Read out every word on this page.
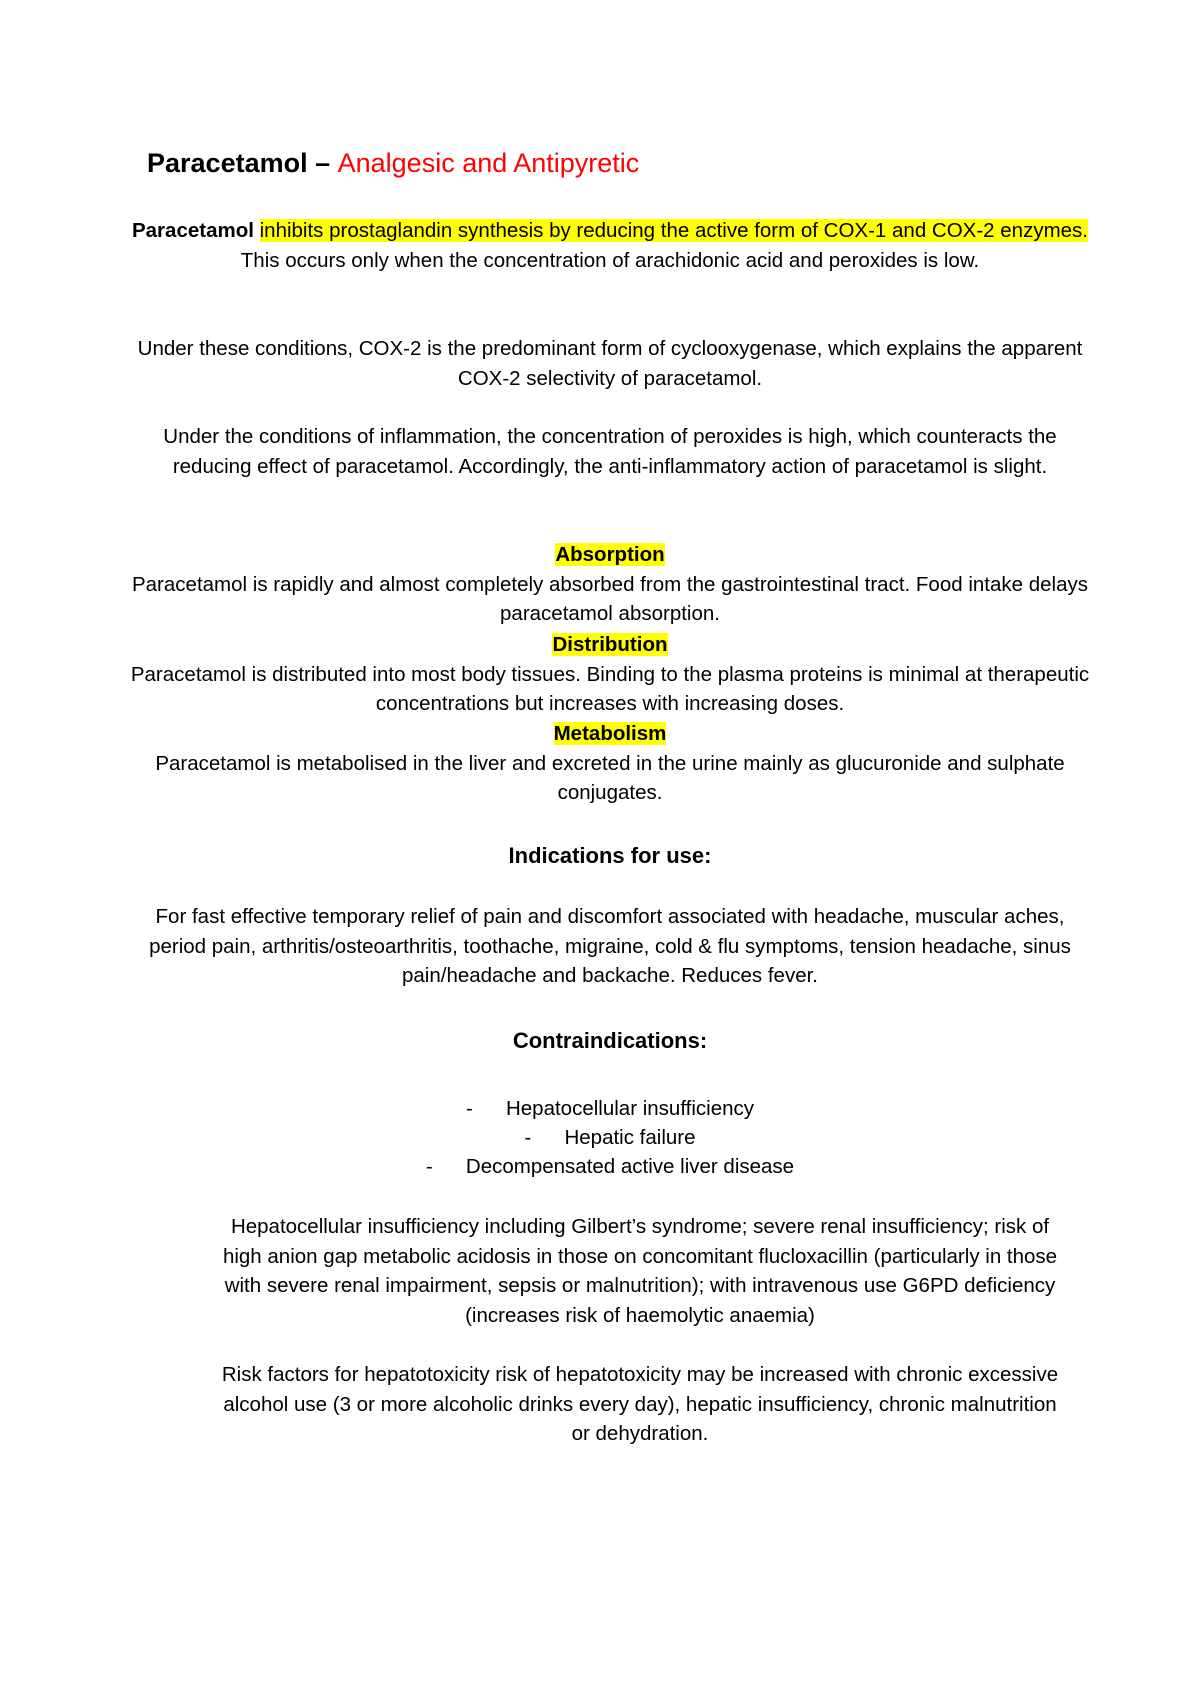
Paracetamol – Analgesic and Antipyretic
Paracetamol inhibits prostaglandin synthesis by reducing the active form of COX-1 and COX-2 enzymes. This occurs only when the concentration of arachidonic acid and peroxides is low.
Under these conditions, COX-2 is the predominant form of cyclooxygenase, which explains the apparent COX-2 selectivity of paracetamol.
Under the conditions of inflammation, the concentration of peroxides is high, which counteracts the reducing effect of paracetamol. Accordingly, the anti-inflammatory action of paracetamol is slight.
Absorption
Paracetamol is rapidly and almost completely absorbed from the gastrointestinal tract. Food intake delays paracetamol absorption.
Distribution
Paracetamol is distributed into most body tissues. Binding to the plasma proteins is minimal at therapeutic concentrations but increases with increasing doses.
Metabolism
Paracetamol is metabolised in the liver and excreted in the urine mainly as glucuronide and sulphate conjugates.
Indications for use:
For fast effective temporary relief of pain and discomfort associated with headache, muscular aches, period pain, arthritis/osteoarthritis, toothache, migraine, cold & flu symptoms, tension headache, sinus pain/headache and backache. Reduces fever.
Contraindications:
- Hepatocellular insufficiency
- Hepatic failure
- Decompensated active liver disease
Hepatocellular insufficiency including Gilbert’s syndrome; severe renal insufficiency; risk of high anion gap metabolic acidosis in those on concomitant flucloxacillin (particularly in those with severe renal impairment, sepsis or malnutrition); with intravenous use G6PD deficiency (increases risk of haemolytic anaemia)
Risk factors for hepatotoxicity risk of hepatotoxicity may be increased with chronic excessive alcohol use (3 or more alcoholic drinks every day), hepatic insufficiency, chronic malnutrition or dehydration.
